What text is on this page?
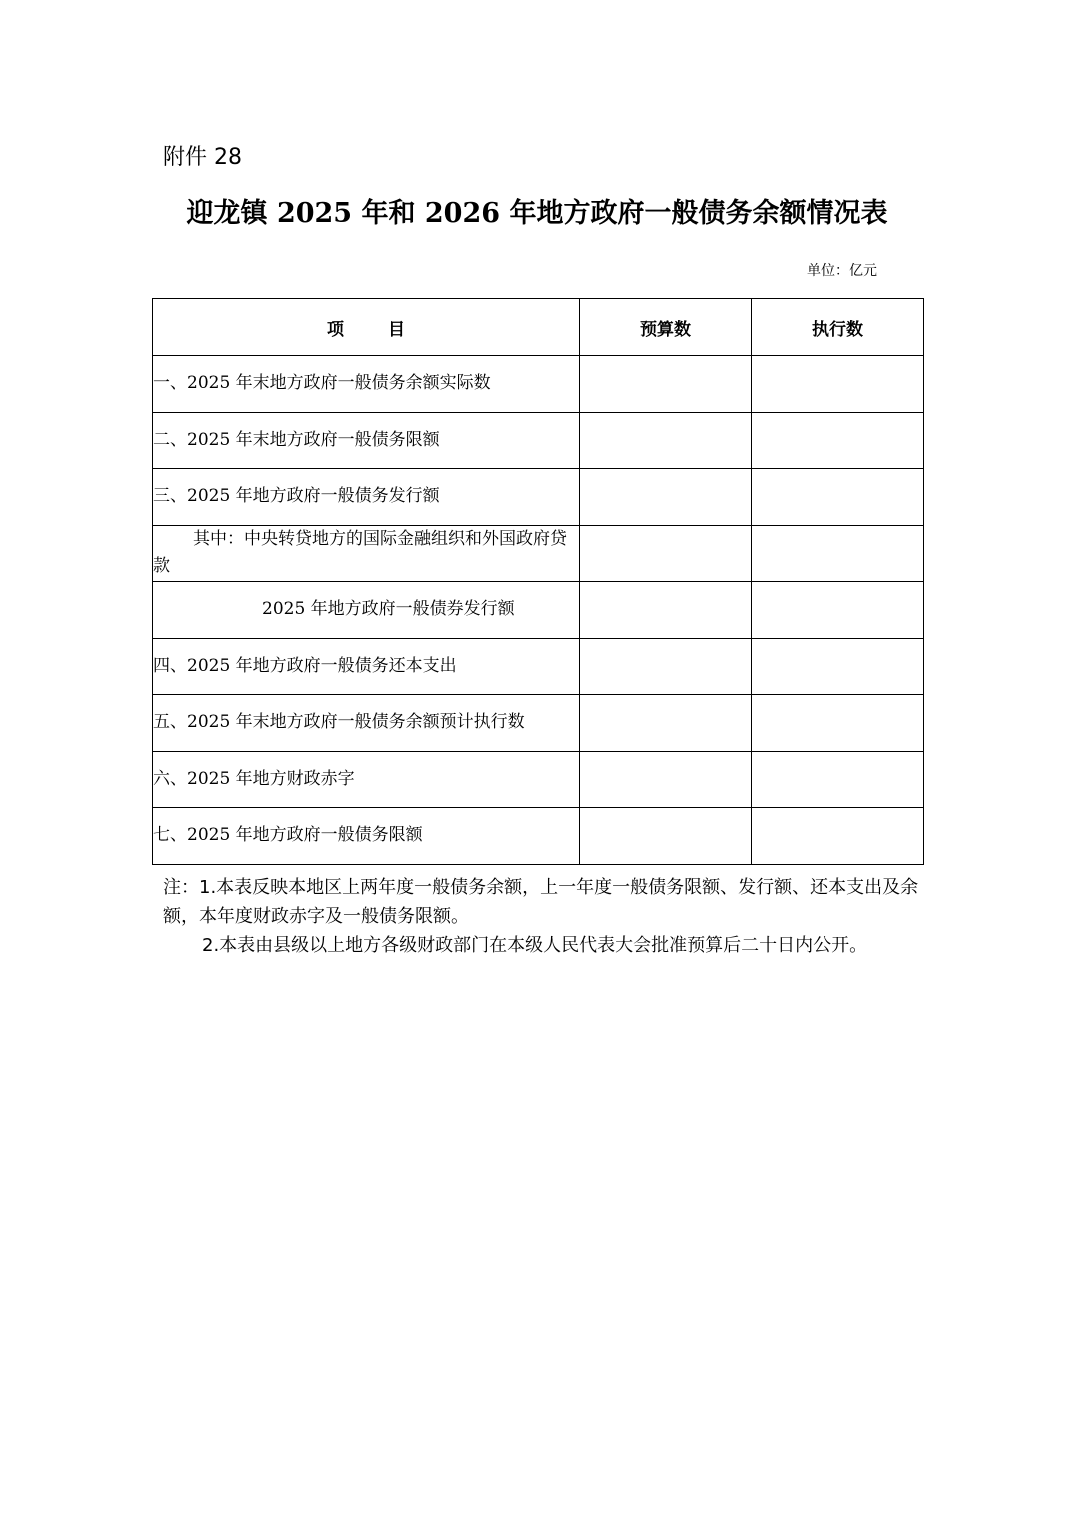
附件 28
迎龙镇 2025 年和 2026 年地方政府一般债务余额情况表
单位：亿元
项 目	预算数	执行数
一、2025 年末地方政府一般债务余额实际数		
二、2025 年末地方政府一般债务限额		
三、2025 年地方政府一般债务发行额		
其中：中央转贷地方的国际金融组织和外国政府贷款		
2025 年地方政府一般债券发行额		
四、2025 年地方政府一般债务还本支出		
五、2025 年末地方政府一般债务余额预计执行数		
六、2025 年地方财政赤字		
七、2025 年地方政府一般债务限额		

注：1.本表反映本地区上两年度一般债务余额，上一年度一般债务限额、发行额、还本支出及余额，本年度财政赤字及一般债务限额。

2.本表由县级以上地方各级财政部门在本级人民代表大会批准预算后二十日内公开。
